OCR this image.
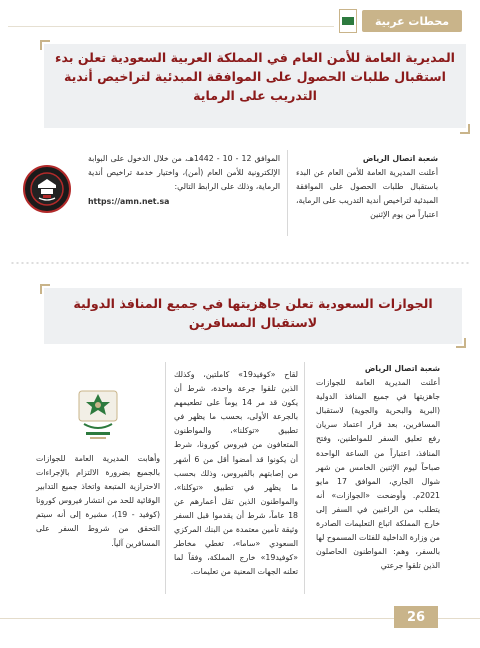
محطات عربية
المديرية العامة للأمن العام في المملكة العربية السعودية تعلن بدء استقبال طلبات الحصول على الموافقة المبدئية لتراخيص أندية التدريب على الرماية
شعبة اتصال الرياض
أعلنت المديرية العامة للأمن العام عن البدء باستقبال طلبات الحصول على الموافقة المبدئية لتراخيص أندية التدريب على الرماية، اعتباراً من يوم الإثنين
الموافق 12 - 10 - 1442هـ، من خلال الدخول على البوابة الإلكترونية للأمن العام (أمن)، واختيار خدمة تراخيص أندية الرماية، وذلك على الرابط التالي:
https://amn.net.sa
الجوازات السعودية تعلن جاهزيتها في جميع المنافذ الدولية لاستقبال المسافرين
شعبة اتصال الرياض
أعلنت المديرية العامة للجوازات جاهزيتها في جميع المنافذ الدولية (البرية والبحرية والجوية) لاستقبال المسافرين، بعد قرار اعتماد سريان رفع تعليق السفر للمواطنين، وفتح المنافذ، اعتباراً من الساعة الواحدة صباحاً ليوم الإثنين الخامس من شهر شوال الجاري، الموافق 17 مايو 2021م. وأوضحت «الجوازات» أنه يتطلب من الراغبين في السفر إلى خارج المملكة اتباع التعليمات الصادرة من وزارة الداخلية للفئات المسموح لها بالسفر، وهم: المواطنون الحاصلون الذين تلقوا جرعتي
لقاح «كوفيد19» كاملتين، وكذلك الذين تلقوا جرعة واحدة، شرط أن يكون قد مر 14 يوماً على تطعيمهم بالجرعة الأولى، بحسب ما يظهر في تطبيق «توكلنا»، والمواطنون المتعافون من فيروس كورونا، شرط أن يكونوا قد أمضوا أقل من 6 أشهر من إصابتهم بالفيروس، وذلك بحسب ما يظهر في تطبيق «توكلنا»، والمواطنون الذين تقل أعمارهم عن 18 عاماً، شرط أن يقدموا قبل السفر وثيقة تأمين معتمدة من البنك المركزي السعودي «ساما»، تغطي مخاطر «كوفيد19» خارج المملكة، وفقاً لما تعلنه الجهات المعنية من تعليمات.
وأهابت المديرية العامة للجوازات بالجميع بضرورة الالتزام بالإجراءات الاحترازية المتبعة واتخاذ جميع التدابير الوقائية للحد من انتشار فيروس كورونا (كوفيد - 19)، مشيرة إلى أنه سيتم التحقق من شروط السفر على المسافرين آلياً.
26
